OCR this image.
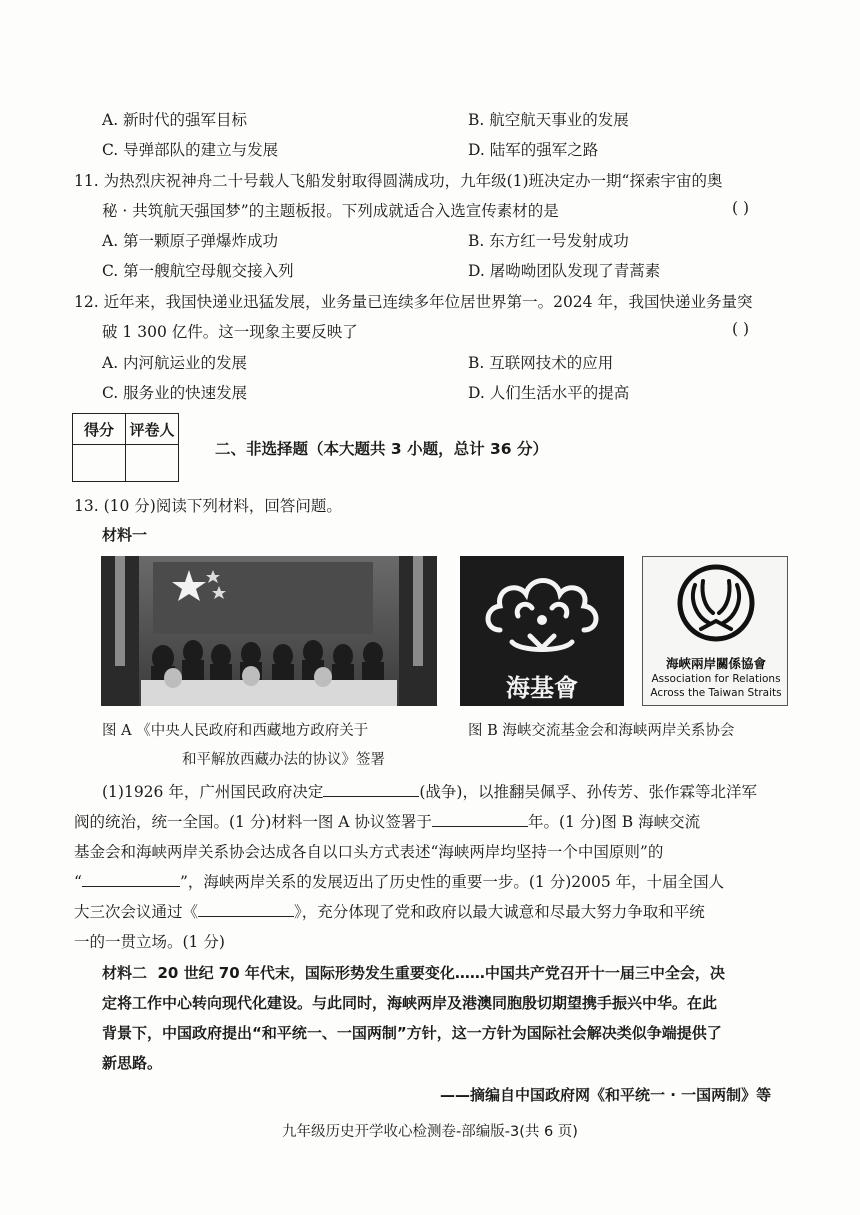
A. 新时代的强军目标	B. 航空航天事业的发展
C. 导弹部队的建立与发展	D. 陆军的强军之路
11. 为热烈庆祝神舟二十号载人飞船发射取得圆满成功，九年级(1)班决定办一期“探索宇宙的奥
秘 · 共筑航天强国梦”的主题板报。下列成就适合入选宣传素材的是	( )
A. 第一颗原子弹爆炸成功	B. 东方红一号发射成功
C. 第一艘航空母舰交接入列	D. 屠呦呦团队发现了青蒿素
12. 近年来，我国快递业迅猛发展，业务量已连续多年位居世界第一。2024 年，我国快递业务量突
破 1 300 亿件。这一现象主要反映了	( )
A. 内河航运业的发展	B. 互联网技术的应用
C. 服务业的快速发展	D. 人们生活水平的提高
得分	评卷人

二、非选择题（本大题共 3 小题，总计 36 分）
13. (10 分)阅读下列材料，回答问题。
材料一
海基會
海峽兩岸關係協會
Association for Relations
Across the Taiwan Straits
图 A 《中央人民政府和西藏地方政府关于
和平解放西藏办法的协议》签署
图 B 海峡交流基金会和海峡两岸关系协会
(1)1926 年，广州国民政府决定	(战争)，以推翻吴佩孚、孙传芳、张作霖等北洋军
阀的统治，统一全国。(1 分)材料一图 A 协议签署于	年。(1 分)图 B 海峡交流
基金会和海峡两岸关系协会达成各自以口头方式表述“海峡两岸均坚持一个中国原则”的
“	”，海峡两岸关系的发展迈出了历史性的重要一步。(1 分)2005 年，十届全国人
大三次会议通过《	》，充分体现了党和政府以最大诚意和尽最大努力争取和平统
一的一贯立场。(1 分)
材料二 20 世纪 70 年代末，国际形势发生重要变化……中国共产党召开十一届三中全会，决
定将工作中心转向现代化建设。与此同时，海峡两岸及港澳同胞殷切期望携手振兴中华。在此
背景下，中国政府提出“和平统一、一国两制”方针，这一方针为国际社会解决类似争端提供了
新思路。
——摘编自中国政府网《和平统一 · 一国两制》等
九年级历史开学收心检测卷-部编版-3(共 6 页)
